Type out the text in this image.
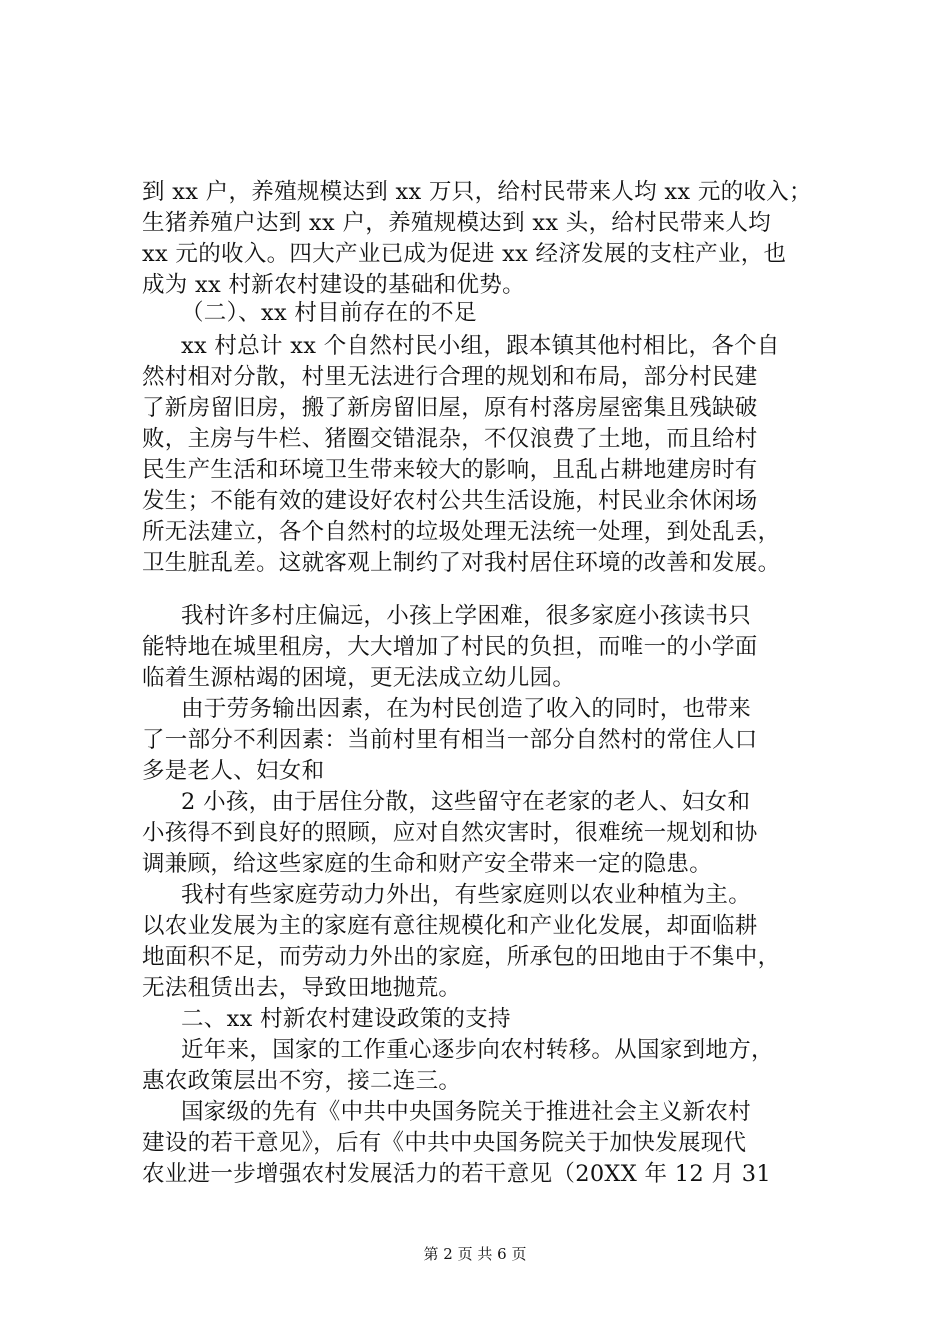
到 xx 户，养殖规模达到 xx 万只，给村民带来人均 xx 元的收入；
生猪养殖户达到 xx 户，养殖规模达到 xx 头，给村民带来人均
xx 元的收入。四大产业已成为促进 xx 经济发展的支柱产业，也
成为 xx 村新农村建设的基础和优势。
（二）、xx 村目前存在的不足
xx 村总计 xx 个自然村民小组，跟本镇其他村相比，各个自
然村相对分散，村里无法进行合理的规划和布局，部分村民建
了新房留旧房，搬了新房留旧屋，原有村落房屋密集且残缺破
败，主房与牛栏、猪圈交错混杂，不仅浪费了土地，而且给村
民生产生活和环境卫生带来较大的影响，且乱占耕地建房时有
发生；不能有效的建设好农村公共生活设施，村民业余休闲场
所无法建立，各个自然村的垃圾处理无法统一处理，到处乱丢，
卫生脏乱差。这就客观上制约了对我村居住环境的改善和发展。
我村许多村庄偏远，小孩上学困难，很多家庭小孩读书只
能特地在城里租房，大大增加了村民的负担，而唯一的小学面
临着生源枯竭的困境，更无法成立幼儿园。
由于劳务输出因素，在为村民创造了收入的同时，也带来
了一部分不利因素：当前村里有相当一部分自然村的常住人口
多是老人、妇女和
2 小孩，由于居住分散，这些留守在老家的老人、妇女和
小孩得不到良好的照顾，应对自然灾害时，很难统一规划和协
调兼顾，给这些家庭的生命和财产安全带来一定的隐患。
我村有些家庭劳动力外出，有些家庭则以农业种植为主。
以农业发展为主的家庭有意往规模化和产业化发展，却面临耕
地面积不足，而劳动力外出的家庭，所承包的田地由于不集中，
无法租赁出去，导致田地抛荒。
二、xx 村新农村建设政策的支持
近年来，国家的工作重心逐步向农村转移。从国家到地方，
惠农政策层出不穷，接二连三。
国家级的先有《中共中央国务院关于推进社会主义新农村
建设的若干意见》，后有《中共中央国务院关于加快发展现代
农业进一步增强农村发展活力的若干意见（20XX 年 12 月 31
第 2 页 共 6 页
